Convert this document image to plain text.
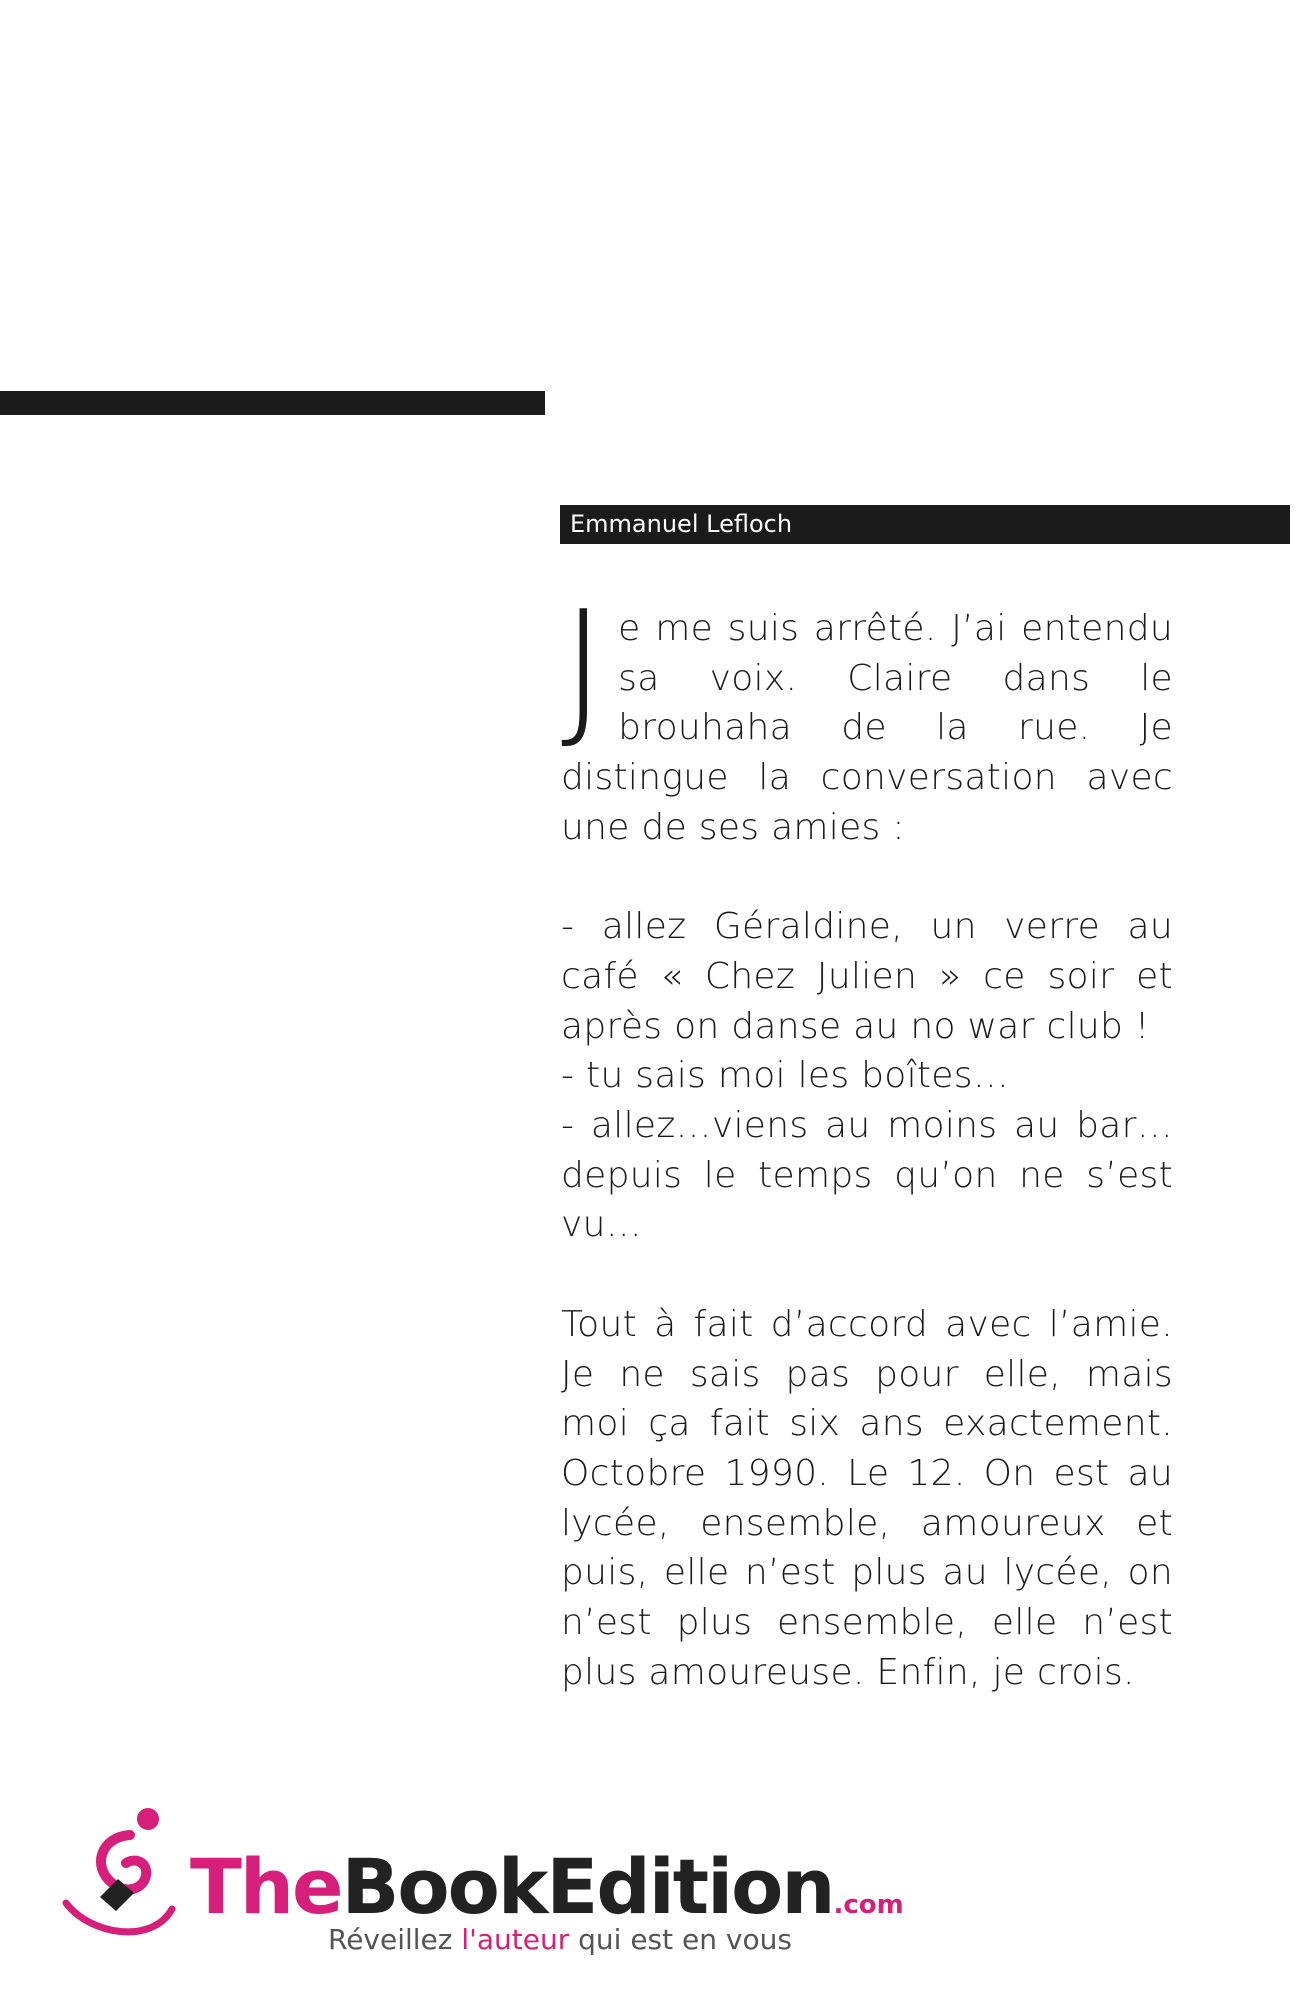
Emmanuel Lefloch

Je me suis arrêté. J’ai entendu sa voix. Claire dans le brouhaha de la rue. Je distingue la conversation avec une de ses amies :

- allez Géraldine, un verre au café « Chez Julien » ce soir et après on danse au no war club !

- tu sais moi les boîtes…

- allez…viens au moins au bar… depuis le temps qu’on ne s’est vu…

Tout à fait d’accord avec l’amie. Je ne sais pas pour elle, mais moi ça fait six ans exactement. Octobre 1990. Le 12. On est au lycée, ensemble, amoureux et puis, elle n’est plus au lycée, on n’est plus ensemble, elle n’est plus amoureuse. Enfin, je crois.

TheBookEdition.com
Réveillez l'auteur qui est en vous
